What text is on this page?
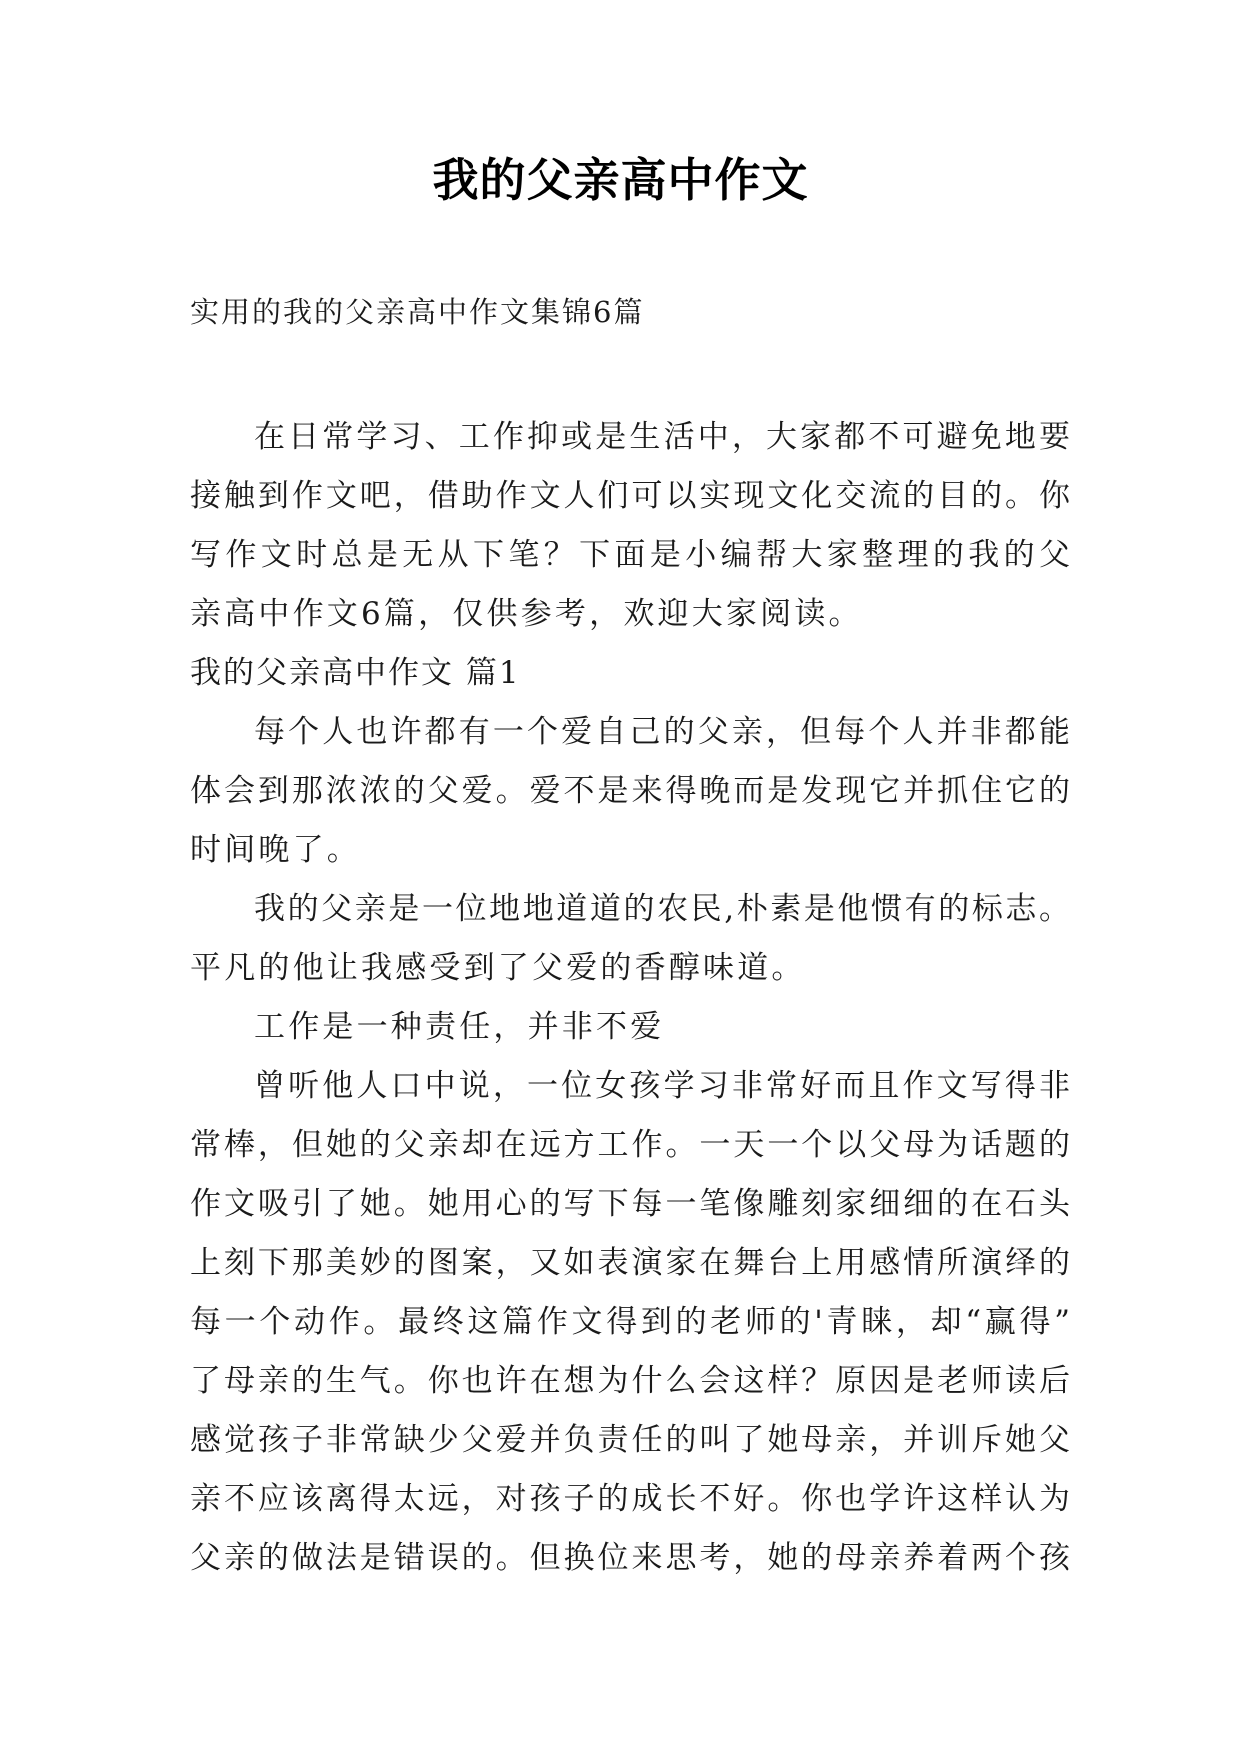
我的父亲高中作文
实用的我的父亲高中作文集锦6篇
在日常学习、工作抑或是生活中，大家都不可避免地要
接触到作文吧，借助作文人们可以实现文化交流的目的。你
写作文时总是无从下笔？下面是小编帮大家整理的我的父
亲高中作文6篇，仅供参考，欢迎大家阅读。
我的父亲高中作文 篇1
每个人也许都有一个爱自己的父亲，但每个人并非都能
体会到那浓浓的父爱。爱不是来得晚而是发现它并抓住它的
时间晚了。
我的父亲是一位地地道道的农民,朴素是他惯有的标志。
平凡的他让我感受到了父爱的香醇味道。
工作是一种责任，并非不爱
曾听他人口中说，一位女孩学习非常好而且作文写得非
常棒，但她的父亲却在远方工作。一天一个以父母为话题的
作文吸引了她。她用心的写下每一笔像雕刻家细细的在石头
上刻下那美妙的图案，又如表演家在舞台上用感情所演绎的
每一个动作。最终这篇作文得到的老师的'青睐，却“赢得”
了母亲的生气。你也许在想为什么会这样？原因是老师读后
感觉孩子非常缺少父爱并负责任的叫了她母亲，并训斥她父
亲不应该离得太远，对孩子的成长不好。你也学许这样认为
父亲的做法是错误的。但换位来思考，她的母亲养着两个孩
